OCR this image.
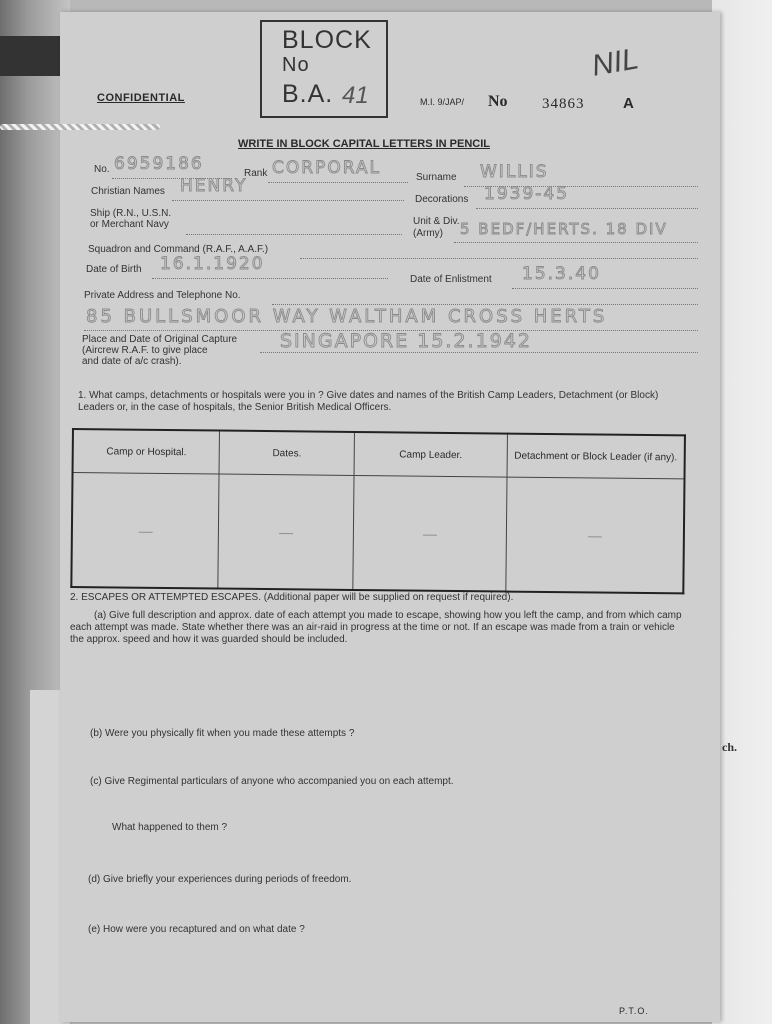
ch.
BLOCK
No
B.A. 41
NIL
CONFIDENTIAL	M.I. 9/JAP/ No 34863	A
WRITE IN BLOCK CAPITAL LETTERS IN PENCIL
No. 6959186	Rank CORPORAL	Surname WILLIS
Christian Names HENRY
Decorations 1939-45
Ship (R.N., U.S.N.
or Merchant Navy	Unit & Div.
(Army) 5 BEDF/HERTS. 18 DIV
Squadron and Command (R.A.F., A.A.F.)
Date of Birth 16.1.1920
Date of Enlistment 15.3.40
Private Address and Telephone No.
85 BULLSMOOR WAY WALTHAM CROSS HERTS
Place and Date of Original Capture
(Aircrew R.A.F. to give place
and date of a/c crash).
SINGAPORE 15.2.1942
1. What camps, detachments or hospitals were you in ? Give dates and names of the British Camp Leaders, Detachment (or Block) Leaders or, in the case of hospitals, the Senior British Medical Officers.
Camp or Hospital.	Dates.	Camp Leader.	Detachment or Block Leader (if any).
—	—	—	—
2. ESCAPES OR ATTEMPTED ESCAPES. (Additional paper will be supplied on request if required).
(a) Give full description and approx. date of each attempt you made to escape, showing how you left the camp, and from which camp each attempt was made. State whether there was an air-raid in progress at the time or not. If an escape was made from a train or vehicle the approx. speed and how it was guarded should be included.
(b) Were you physically fit when you made these attempts ?
(c) Give Regimental particulars of anyone who accompanied you on each attempt.
What happened to them ?
(d) Give briefly your experiences during periods of freedom.
(e) How were you recaptured and on what date ?
P.T.O.
